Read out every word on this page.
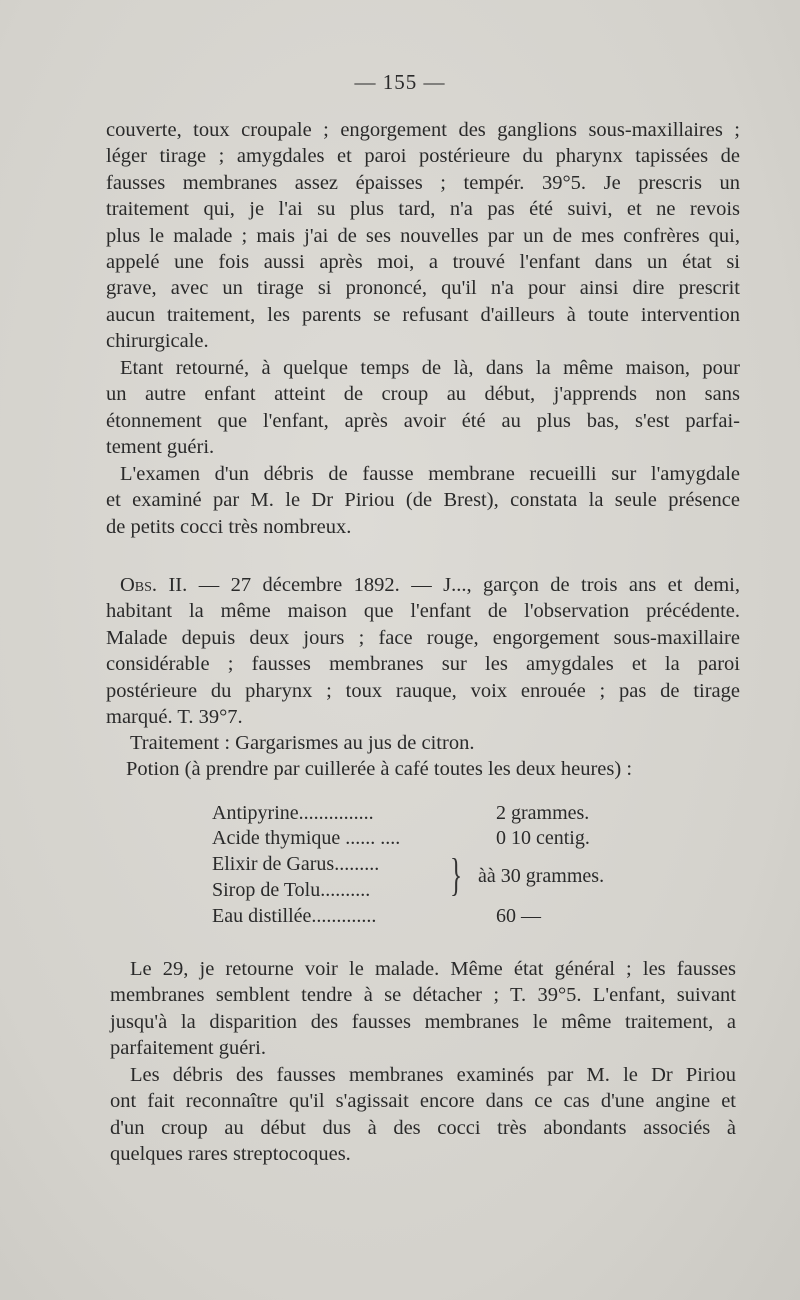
— 155 —
couverte, toux croupale ; engorgement des ganglions sous-maxillaires ;
léger tirage ; amygdales et paroi postérieure du pharynx tapissées de
fausses membranes assez épaisses ; tempér. 39°5. Je prescris un
traitement qui, je l'ai su plus tard, n'a pas été suivi, et ne revois
plus le malade ; mais j'ai de ses nouvelles par un de mes confrères qui,
appelé une fois aussi après moi, a trouvé l'enfant dans un état si
grave, avec un tirage si prononcé, qu'il n'a pour ainsi dire prescrit
aucun traitement, les parents se refusant d'ailleurs à toute intervention
chirurgicale.
Etant retourné, à quelque temps de là, dans la même maison, pour
un autre enfant atteint de croup au début, j'apprends non sans
étonnement que l'enfant, après avoir été au plus bas, s'est parfai-
tement guéri.
L'examen d'un débris de fausse membrane recueilli sur l'amygdale
et examiné par M. le Dr Piriou (de Brest), constata la seule présence
de petits cocci très nombreux.
Obs. II. — 27 décembre 1892. — J..., garçon de trois ans et demi,
habitant la même maison que l'enfant de l'observation précédente.
Malade depuis deux jours ; face rouge, engorgement sous-maxillaire
considérable ; fausses membranes sur les amygdales et la paroi
postérieure du pharynx ; toux rauque, voix enrouée ; pas de tirage
marqué. T. 39°7.
Traitement : Gargarismes au jus de citron.
Potion (à prendre par cuillerée à café toutes les deux heures) :
Antipyrine...............	2 grammes.
Acide thymique ...... ....	0 10 centig.
Elixir de Garus.........
Sirop de Tolu.......... } àà 30 grammes.
Eau distillée.............	60 —
Le 29, je retourne voir le malade. Même état général ; les fausses
membranes semblent tendre à se détacher ; T. 39°5. L'enfant, suivant
jusqu'à la disparition des fausses membranes le même traitement, a
parfaitement guéri.
Les débris des fausses membranes examinés par M. le Dr Piriou
ont fait reconnaître qu'il s'agissait encore dans ce cas d'une angine et
d'un croup au début dus à des cocci très abondants associés à
quelques rares streptocoques.
